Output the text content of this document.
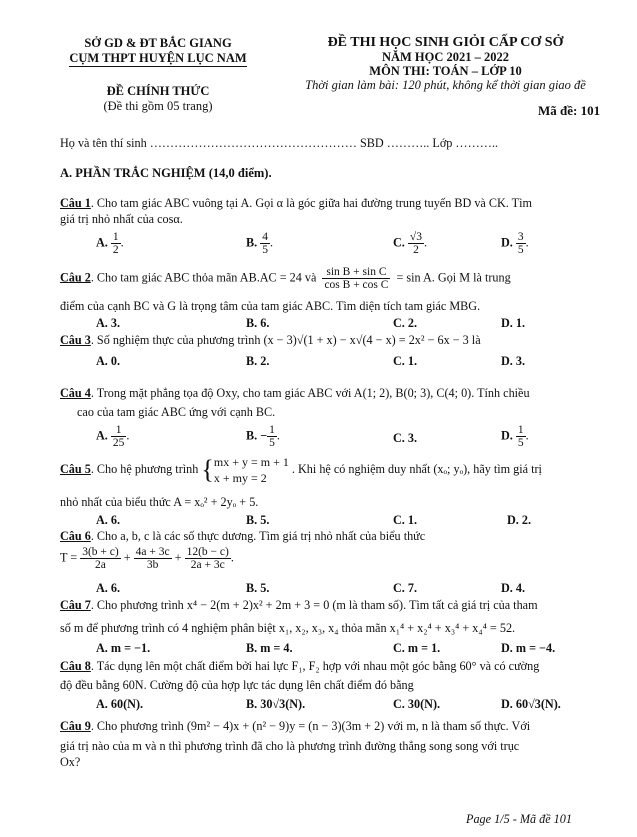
SỞ GD & ĐT BẮC GIANG
CỤM THPT HUYỆN LỤC NAM
ĐỀ CHÍNH THỨC
(Đề thi gồm 05 trang)
ĐỀ THI HỌC SINH GIỎI CẤP CƠ SỞ
NĂM HỌC 2021 – 2022
MÔN THI: TOÁN – LỚP 10
Thời gian làm bài: 120 phút, không kể thời gian giao đề
Mã đề: 101
Họ và tên thí sinh …………………………………………… SBD ……….. Lớp ………..
A. PHẦN TRẮC NGHIỆM (14,0 điểm).
Câu 1. Cho tam giác ABC vuông tại A. Gọi α là góc giữa hai đường trung tuyến BD và CK. Tìm
giá trị nhỏ nhất của cosα.
A. $\frac{1}{2}$ .	B. $\frac{4}{5}$ .	C. $\frac{√3}{2}$ .	D. $\frac{3}{5}$ .
Câu 2. Cho tam giác ABC thỏa mãn AB.AC = 24 và $\frac{\text{sin B + sin C}}{\text{cos B + cos C}} = \sin A$. Gọi M là trung
điểm của cạnh BC và G là trọng tâm của tam giác ABC. Tìm diện tích tam giác MBG.
A. 3.	B. 6.	C. 2.	D. 1.
Câu 3. Số nghiệm thực của phương trình (x − 3)√(1 + x) − x√(4 − x) = 2x² − 6x − 3 là
A. 0.	B. 2.	C. 1.	D. 3.
Câu 4. Trong mặt phẳng tọa độ Oxy, cho tam giác ABC với A(1; 2), B(0; 3), C(4; 0). Tính chiều
cao của tam giác ABC ứng với cạnh BC.
A. $\frac{1}{25}$ .	B. − $\frac{1}{5}$ .	C. 3.	D. $\frac{1}{5}$ .
Câu 5. Cho hệ phương trình { mx + y = m + 1
x + my = 2
. Khi hệ có nghiệm duy nhất (xₒ; yₒ), hãy tìm giá trị
nhỏ nhất của biểu thức A = xₒ² + 2yₒ + 5.
A. 6.	B. 5.	C. 1.	D. 2.
Câu 6. Cho a, b, c là các số thực dương. Tìm giá trị nhỏ nhất của biểu thức
$T = \frac{3(b + c)}{2a} + \frac{4a + 3c}{3b} + \frac{12(b - c)}{2a + 3c}$ .
A. 6.	B. 5.	C. 7.	D. 4.
Câu 7. Cho phương trình x⁴ − 2(m + 2)x² + 2m + 3 = 0 (m là tham số). Tìm tất cả giá trị của tham
số m để phương trình có 4 nghiệm phân biệt x₁, x₂, x₃, x₄ thỏa mãn x₁⁴ + x₂⁴ + x₃⁴ + x₄⁴ = 52.
A. m = −1.	B. m = 4.	C. m = 1.	D. m = −4.
Câu 8. Tác dụng lên một chất điểm bởi hai lực F₁, F₂ hợp với nhau một góc bằng 60° và có cường
độ đều bằng 60N. Cường độ của hợp lực tác dụng lên chất điểm đó bằng
A. 60(N).	B. 30√3(N).	C. 30(N).	D. 60√3(N).
Câu 9. Cho phương trình (9m² − 4)x + (n² − 9)y = (n − 3)(3m + 2) với m, n là tham số thực. Với
giá trị nào của m và n thì phương trình đã cho là phương trình đường thẳng song song với trục
Ox?
Page 1/5 - Mã đề 101
